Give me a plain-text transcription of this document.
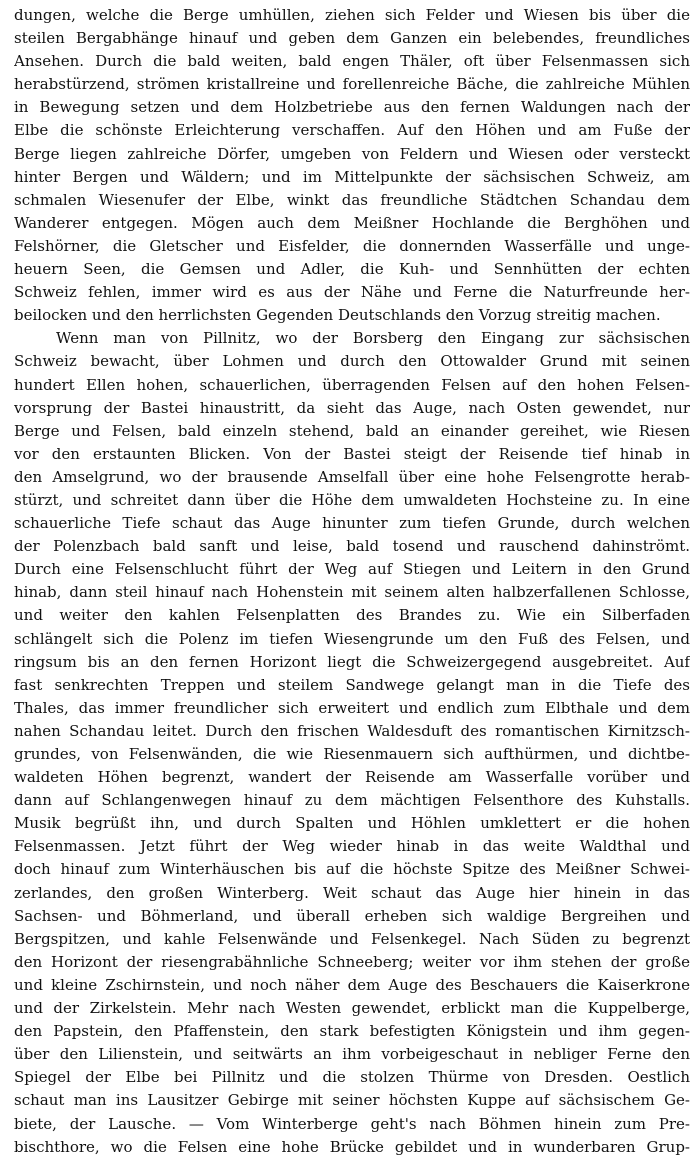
dungen, welche die Berge umhüllen, ziehen sich Felder und Wiesen bis über die
steilen Bergabhänge hinauf und geben dem Ganzen ein belebendes, freundliches
Ansehen. Durch die bald weiten, bald engen Thäler, oft über Felsenmassen sich
herabstürzend, strömen kristallreine und forellenreiche Bäche, die zahlreiche Mühlen
in Bewegung setzen und dem Holzbetriebe aus den fernen Waldungen nach der
Elbe die schönste Erleichterung verschaffen. Auf den Höhen und am Fuße der
Berge liegen zahlreiche Dörfer, umgeben von Feldern und Wiesen oder versteckt
hinter Bergen und Wäldern; und im Mittelpunkte der sächsischen Schweiz, am
schmalen Wiesenufer der Elbe, winkt das freundliche Städtchen Schandau dem
Wanderer entgegen. Mögen auch dem Meißner Hochlande die Berghöhen und
Felshörner, die Gletscher und Eisfelder, die donnernden Wasserfälle und unge-
heuern Seen, die Gemsen und Adler, die Kuh- und Sennhütten der echten
Schweiz fehlen, immer wird es aus der Nähe und Ferne die Naturfreunde her-
beilocken und den herrlichsten Gegenden Deutschlands den Vorzug streitig machen.
Wenn man von Pillnitz, wo der Borsberg den Eingang zur sächsischen
Schweiz bewacht, über Lohmen und durch den Ottowalder Grund mit seinen
hundert Ellen hohen, schauerlichen, überragenden Felsen auf den hohen Felsen-
vorsprung der Bastei hinaustritt, da sieht das Auge, nach Osten gewendet, nur
Berge und Felsen, bald einzeln stehend, bald an einander gereihet, wie Riesen
vor den erstaunten Blicken. Von der Bastei steigt der Reisende tief hinab in
den Amselgrund, wo der brausende Amselfall über eine hohe Felsengrotte herab-
stürzt, und schreitet dann über die Höhe dem umwaldeten Hochsteine zu. In eine
schauerliche Tiefe schaut das Auge hinunter zum tiefen Grunde, durch welchen
der Polenzbach bald sanft und leise, bald tosend und rauschend dahinströmt.
Durch eine Felsenschlucht führt der Weg auf Stiegen und Leitern in den Grund
hinab, dann steil hinauf nach Hohenstein mit seinem alten halbzerfallenen Schlosse,
und weiter den kahlen Felsenplatten des Brandes zu. Wie ein Silberfaden
schlängelt sich die Polenz im tiefen Wiesengrunde um den Fuß des Felsen, und
ringsum bis an den fernen Horizont liegt die Schweizergegend ausgebreitet. Auf
fast senkrechten Treppen und steilem Sandwege gelangt man in die Tiefe des
Thales, das immer freundlicher sich erweitert und endlich zum Elbthale und dem
nahen Schandau leitet. Durch den frischen Waldesduft des romantischen Kirnitzsch-
grundes, von Felsenwänden, die wie Riesenmauern sich aufthürmen, und dichtbe-
waldeten Höhen begrenzt, wandert der Reisende am Wasserfalle vorüber und
dann auf Schlangenwegen hinauf zu dem mächtigen Felsenthore des Kuhstalls.
Musik begrüßt ihn, und durch Spalten und Höhlen umklettert er die hohen
Felsenmassen. Jetzt führt der Weg wieder hinab in das weite Waldthal und
doch hinauf zum Winterhäuschen bis auf die höchste Spitze des Meißner Schwei-
zerlandes, den großen Winterberg. Weit schaut das Auge hier hinein in das
Sachsen- und Böhmerland, und überall erheben sich waldige Bergreihen und
Bergspitzen, und kahle Felsenwände und Felsenkegel. Nach Süden zu begrenzt
den Horizont der riesengrabähnliche Schneeberg; weiter vor ihm stehen der große
und kleine Zschirnstein, und noch näher dem Auge des Beschauers die Kaiserkrone
und der Zirkelstein. Mehr nach Westen gewendet, erblickt man die Kuppelberge,
den Papstein, den Pfaffenstein, den stark befestigten Königstein und ihm gegen-
über den Lilienstein, und seitwärts an ihm vorbeigeschaut in nebliger Ferne den
Spiegel der Elbe bei Pillnitz und die stolzen Thürme von Dresden. Oestlich
schaut man ins Lausitzer Gebirge mit seiner höchsten Kuppe auf sächsischem Ge-
biete, der Lausche. — Vom Winterberge geht's nach Böhmen hinein zum Pre-
bischthore, wo die Felsen eine hohe Brücke gebildet und in wunderbaren Grup-
